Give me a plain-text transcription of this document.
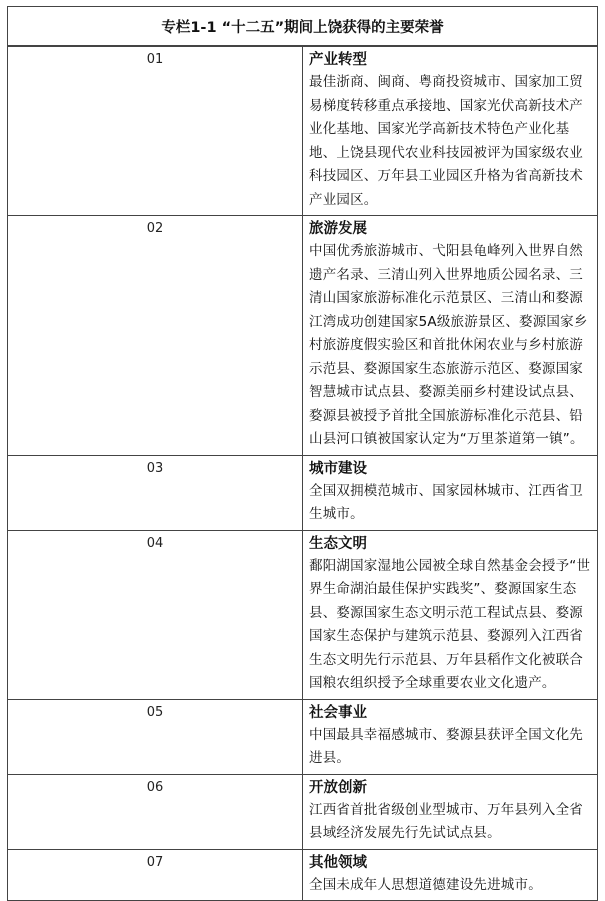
专栏1-1 “十二五”期间上饶获得的主要荣誉	
01	产业转型
最佳浙商、闽商、粤商投资城市、国家加工贸易梯度转移重点承接地、国家光伏高新技术产业化基地、国家光学高新技术特色产业化基地、上饶县现代农业科技园被评为国家级农业科技园区、万年县工业园区升格为省高新技术产业园区。

02	旅游发展
中国优秀旅游城市、弋阳县龟峰列入世界自然遗产名录、三清山列入世界地质公园名录、三清山国家旅游标准化示范景区、三清山和婺源江湾成功创建国家5A级旅游景区、婺源国家乡村旅游度假实验区和首批休闲农业与乡村旅游示范县、婺源国家生态旅游示范区、婺源国家智慧城市试点县、婺源美丽乡村建设试点县、婺源县被授予首批全国旅游标准化示范县、铅山县河口镇被国家认定为“万里茶道第一镇”。

03	城市建设
全国双拥模范城市、国家园林城市、江西省卫生城市。

04	生态文明
鄱阳湖国家湿地公园被全球自然基金会授予“世界生命湖泊最佳保护实践奖”、婺源国家生态县、婺源国家生态文明示范工程试点县、婺源国家生态保护与建筑示范县、婺源列入江西省生态文明先行示范县、万年县稻作文化被联合国粮农组织授予全球重要农业文化遗产。

05	社会事业
中国最具幸福感城市、婺源县获评全国文化先进县。

06	开放创新
江西省首批省级创业型城市、万年县列入全省县域经济发展先行先试试点县。

07	其他领域
全国未成年人思想道德建设先进城市。
